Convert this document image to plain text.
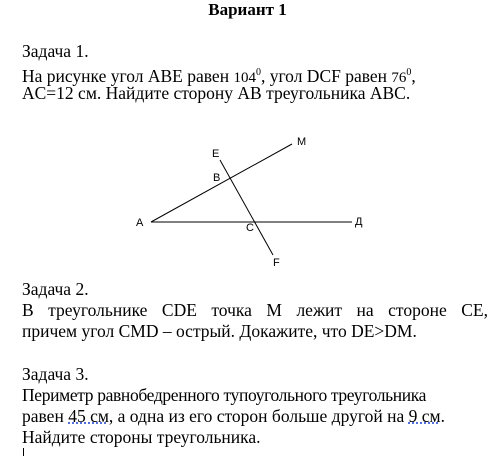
Вариант 1
Задача 1.
На рисунке угол ABE равен $104^0$, угол DCF равен $76^0$,
AC=12 см. Найдите сторону AB треугольника ABC.
E
B
A	C	Д
F
M
Задача 2.
В треугольнике CDE точка M лежит на стороне CE,
причем угол CMD – острый. Докажите, что DE>DM.
Задача 3.
Периметр равнобедренного тупоугольного треугольника
равен 45 см, а одна из его сторон больше другой на 9 см.
Найдите стороны треугольника.
